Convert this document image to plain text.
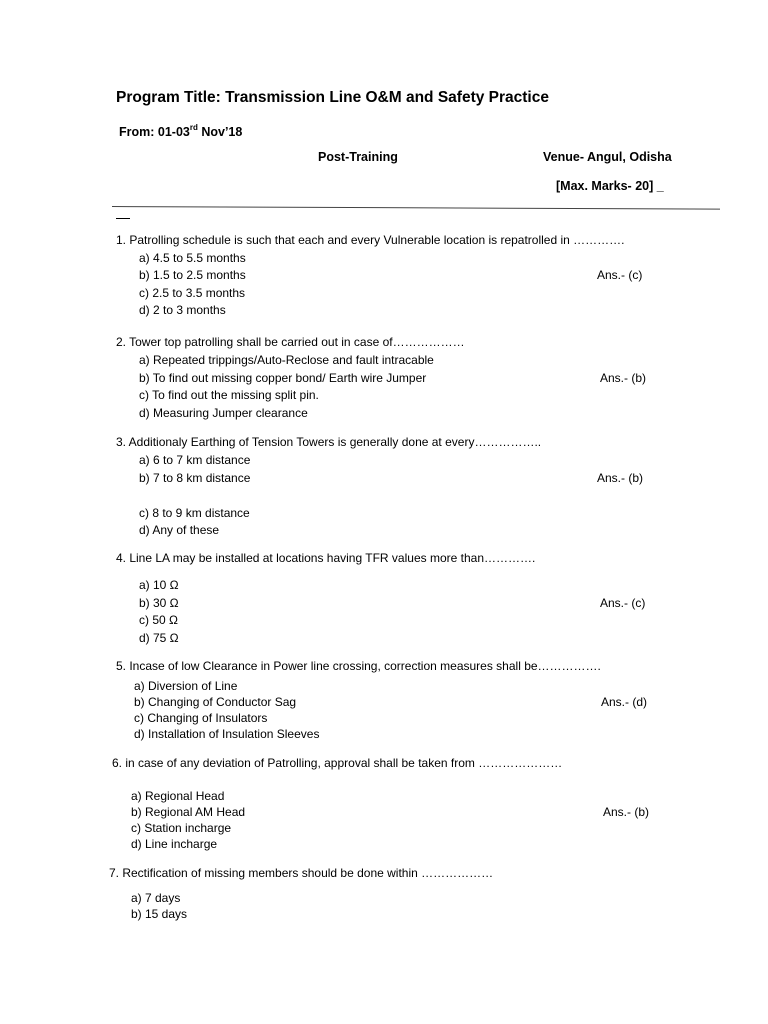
Program Title: Transmission Line O&M and Safety Practice
From: 01-03rd Nov’18
Post-Training	Venue- Angul, Odisha
[Max. Marks- 20] _
1. Patrolling schedule is such that each and every Vulnerable location is repatrolled in ………….
a) 4.5 to 5.5 months
b) 1.5 to 2.5 months
c) 2.5 to 3.5 months
d) 2 to 3 months
Ans.- (c)
2. Tower top patrolling shall be carried out in case of………………
a) Repeated trippings/Auto-Reclose and fault intracable
b) To find out missing copper bond/ Earth wire Jumper
c) To find out the missing split pin.
d) Measuring Jumper clearance
Ans.- (b)
3. Additionaly Earthing of Tension Towers is generally done at every……………..
a) 6 to 7 km distance
b) 7 to 8 km distance
c) 8 to 9 km distance
d) Any of these
Ans.- (b)
4. Line LA may be installed at locations having TFR values more than………….
a) 10 Ω
b) 30 Ω
c) 50 Ω
d) 75 Ω
Ans.- (c)
5. Incase of low Clearance in Power line crossing, correction measures shall be…………….
a) Diversion of Line
b) Changing of Conductor Sag
c) Changing of Insulators
d) Installation of Insulation Sleeves
Ans.- (d)
6. in case of any deviation of Patrolling, approval shall be taken from …………………
a) Regional Head
b) Regional AM Head
c) Station incharge
d) Line incharge
Ans.- (b)
7. Rectification of missing members should be done within ………………
a) 7 days
b) 15 days
